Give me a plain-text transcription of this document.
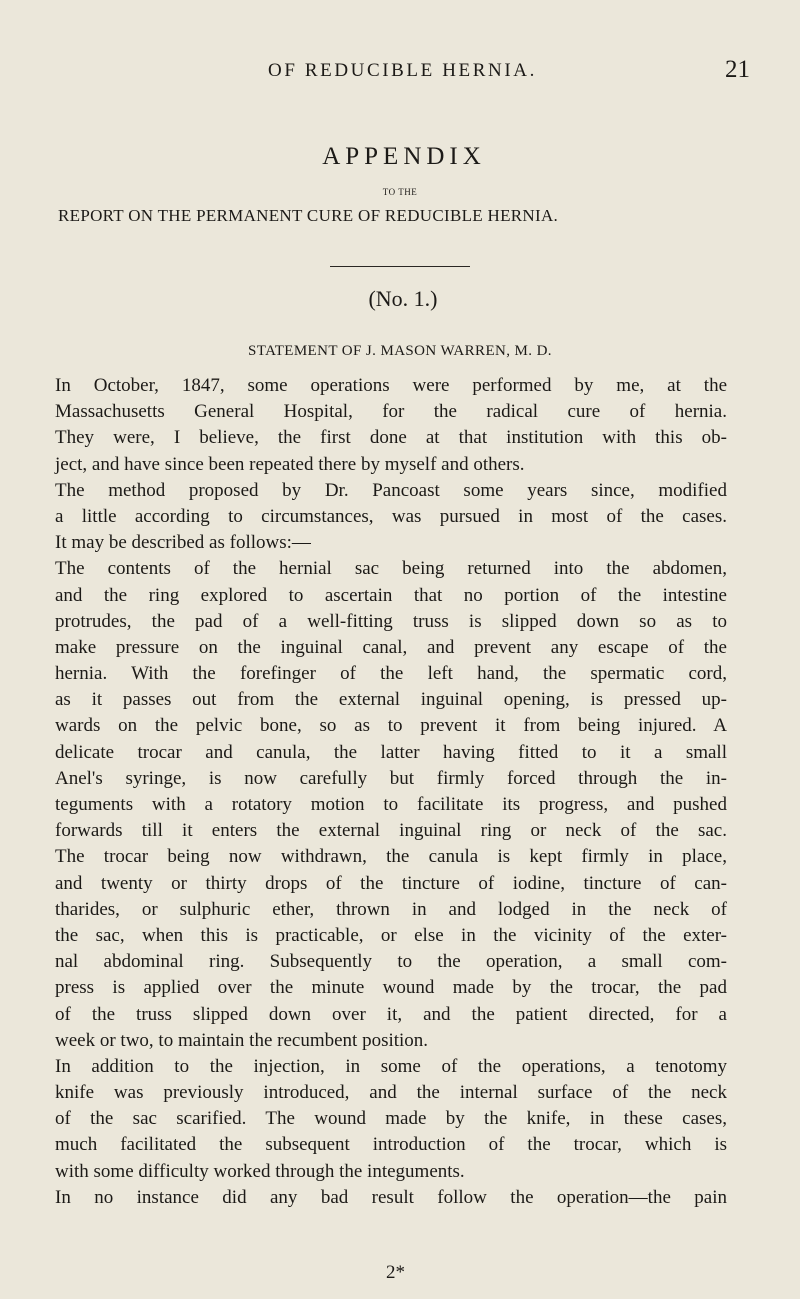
OF REDUCIBLE HERNIA.	21
APPENDIX
TO THE
REPORT ON THE PERMANENT CURE OF REDUCIBLE HERNIA.
(No. 1.)
STATEMENT OF J. MASON WARREN, M. D.
In October, 1847, some operations were performed by me, at the
Massachusetts General Hospital, for the radical cure of hernia.
They were, I believe, the first done at that institution with this ob-
ject, and have since been repeated there by myself and others.
The method proposed by Dr. Pancoast some years since, modified
a little according to circumstances, was pursued in most of the cases.
It may be described as follows:—
The contents of the hernial sac being returned into the abdomen,
and the ring explored to ascertain that no portion of the intestine
protrudes, the pad of a well-fitting truss is slipped down so as to
make pressure on the inguinal canal, and prevent any escape of the
hernia. With the forefinger of the left hand, the spermatic cord,
as it passes out from the external inguinal opening, is pressed up-
wards on the pelvic bone, so as to prevent it from being injured. A
delicate trocar and canula, the latter having fitted to it a small
Anel's syringe, is now carefully but firmly forced through the in-
teguments with a rotatory motion to facilitate its progress, and pushed
forwards till it enters the external inguinal ring or neck of the sac.
The trocar being now withdrawn, the canula is kept firmly in place,
and twenty or thirty drops of the tincture of iodine, tincture of can-
tharides, or sulphuric ether, thrown in and lodged in the neck of
the sac, when this is practicable, or else in the vicinity of the exter-
nal abdominal ring. Subsequently to the operation, a small com-
press is applied over the minute wound made by the trocar, the pad
of the truss slipped down over it, and the patient directed, for a
week or two, to maintain the recumbent position.
In addition to the injection, in some of the operations, a tenotomy
knife was previously introduced, and the internal surface of the neck
of the sac scarified. The wound made by the knife, in these cases,
much facilitated the subsequent introduction of the trocar, which is
with some difficulty worked through the integuments.
In no instance did any bad result follow the operation—the pain
2*
